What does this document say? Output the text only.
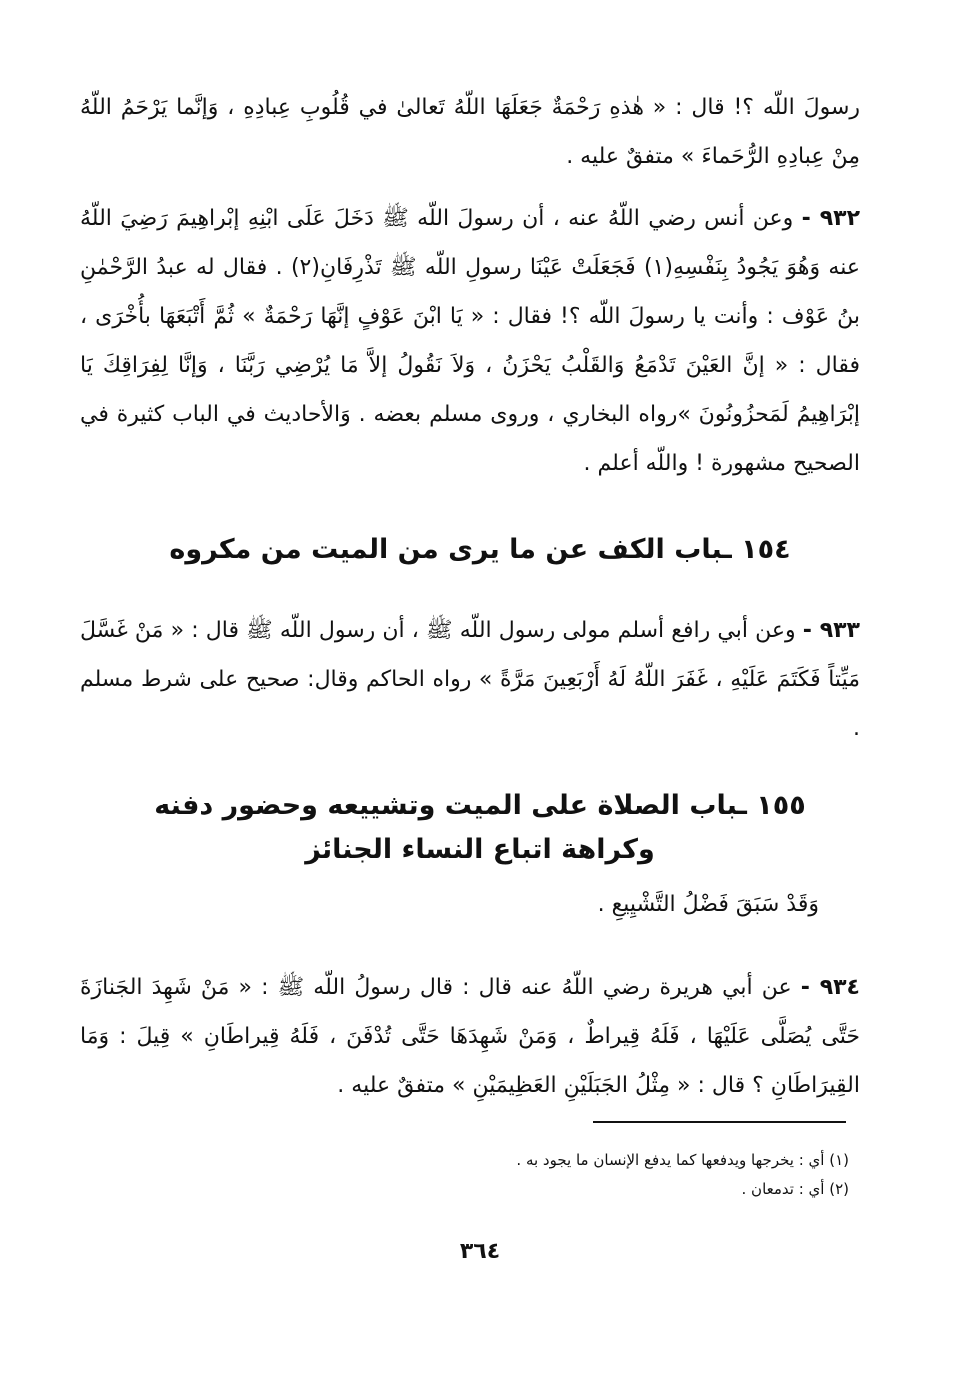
رسولَ اللّه ؟! قال : « هٰذهِ رَحْمَةٌ جَعَلَهَا اللّهُ تَعالىٰ في قُلُوبِ عِبادِهِ ، وَإنَّما يَرْحَمُ اللّهُ مِنْ عِبادِهِ الرُّحَماءَ » متفقٌ عليه .

٩٣٢ - وعن أنس رضي اللّهُ عنه ، أن رسولَ اللّه ﷺ دَخَلَ عَلَى ابْنِهِ إبْراهِيمَ رَضِيَ اللّهُ عنه وَهُوَ يَجُودُ بِنَفْسِهِ(١) فَجَعَلَتْ عَيْنَا رسولِ اللّه ﷺ تَذْرِفَانِ(٢) . فقال له عبدُ الرَّحْمٰنِ بنُ عَوْف : وأنت يا رسولَ اللّه ؟! فقال : « يَا ابْنَ عَوْفٍ إنَّهَا رَحْمَةٌ » ثُمَّ أَتْبَعَهَا بأُخْرَى ، فقال : « إنَّ العَيْنَ تَدْمَعُ وَالقَلْبُ يَحْزَنُ ، وَلاَ نَقُولُ إلاَّ مَا يُرْضِي رَبَّنَا ، وَإنَّا لِفِرَاقِكَ يَا إبْرَاهِيمُ لَمَحزُونُونَ »رواه البخاري ، وروى مسلم بعضه . وَالأحاديث في الباب كثيرة في الصحيح مشهورة ! واللّه أعلم .

١٥٤ ـباب الكف عن ما يرى من الميت من مكروه

٩٣٣ - وعن أبي رافع أسلم مولى رسول اللّه ﷺ ، أن رسول اللّه ﷺ قال : « مَنْ غَسَّلَ مَيِّتاً فَكَتَمَ عَلَيْهِ ، غَفَرَ اللّهُ لَهُ أَرْبَعِينَ مَرَّةً » رواه الحاكم وقال: صحيح على شرط مسلم .

١٥٥ ـباب الصلاة على الميت وتشييعه وحضور دفنه
وكراهة اتباع النساء الجنائز
وَقَدْ سَبَقَ فَضْلُ التَّشْيِيعِ .

٩٣٤ - عن أبي هريرة رضي اللّهُ عنه قال : قال رسولُ اللّه ﷺ : « مَنْ شَهِدَ الجَنازَةَ حَتَّى يُصَلَّى عَلَيْهَا ، فَلَهُ قِيراطٌ ، وَمَنْ شَهِدَهَا حَتَّى تُدْفَنَ ، فَلَهُ قِيراطَانِ » قِيلَ : وَمَا القِيرَاطَانِ ؟ قال : « مِثْلُ الجَبَلَيْنِ العَظِيمَيْنِ » متفقٌ عليه .

(١) أي : يخرجها ويدفعها كما يدفع الإنسان ما يجود به .
(٢) أي : تدمعان .
٣٦٤
